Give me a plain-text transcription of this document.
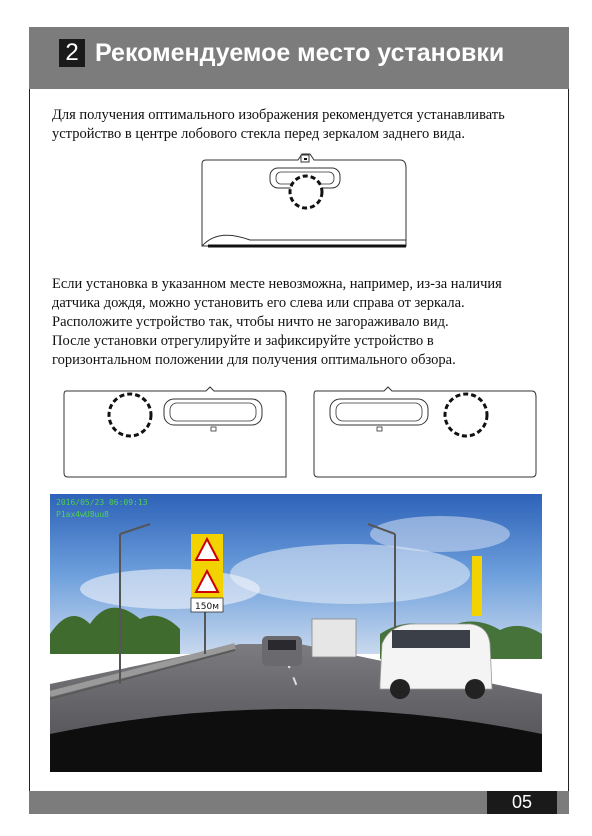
2 Рекомендуемое место установки

Для получения оптимального изображения рекомендуется устанавливать устройство в центре лобового стекла перед зеркалом заднего вида.

Если установка в указанном месте невозможна, например, из-за наличия
датчика дождя, можно установить его слева или справа от зеркала.
Расположите устройство так, чтобы ничто не загораживало вид.
После установки отрегулируйте и зафиксируйте устройство в
горизонтальном положении для получения оптимального обзора.

150м
2016/05/23 06:09:13
P1ax4wU8uu8
05
